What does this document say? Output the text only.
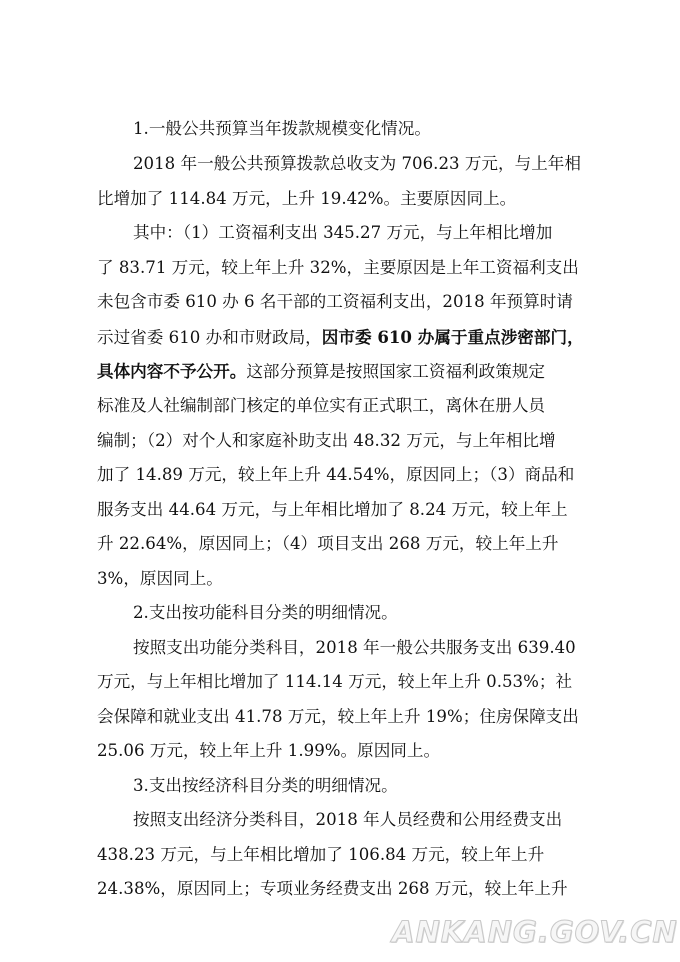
1.一般公共预算当年拨款规模变化情况。
2018 年一般公共预算拨款总收支为 706.23 万元，与上年相
比增加了 114.84 万元，上升 19.42%。主要原因同上。
其中：（1）工资福利支出 345.27 万元，与上年相比增加
了 83.71 万元，较上年上升 32%，主要原因是上年工资福利支出
未包含市委 610 办 6 名干部的工资福利支出，2018 年预算时请
示过省委 610 办和市财政局，因市委 610 办属于重点涉密部门，
具体内容不予公开。这部分预算是按照国家工资福利政策规定
标准及人社编制部门核定的单位实有正式职工，离休在册人员
编制；（2）对个人和家庭补助支出 48.32 万元，与上年相比增
加了 14.89 万元，较上年上升 44.54%，原因同上；（3）商品和
服务支出 44.64 万元，与上年相比增加了 8.24 万元，较上年上
升 22.64%，原因同上；（4）项目支出 268 万元，较上年上升
3%，原因同上。
2.支出按功能科目分类的明细情况。
按照支出功能分类科目，2018 年一般公共服务支出 639.40
万元，与上年相比增加了 114.14 万元，较上年上升 0.53%；社
会保障和就业支出 41.78 万元，较上年上升 19%；住房保障支出
25.06 万元，较上年上升 1.99%。原因同上。
3.支出按经济科目分类的明细情况。
按照支出经济分类科目，2018 年人员经费和公用经费支出
438.23 万元，与上年相比增加了 106.84 万元，较上年上升
24.38%，原因同上；专项业务经费支出 268 万元，较上年上升
ANKANG.GOV.CN
